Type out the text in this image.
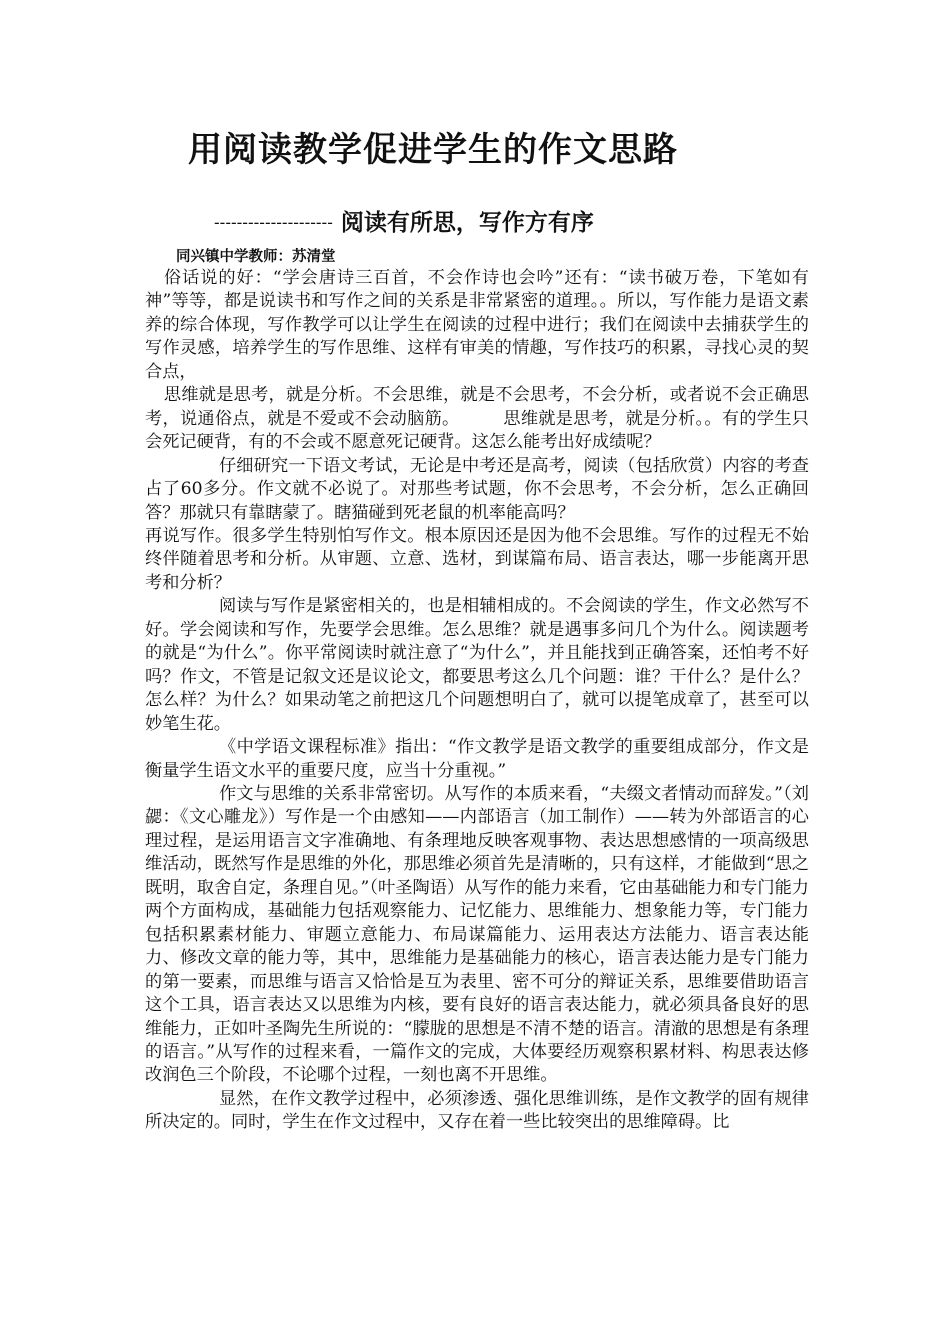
用阅读教学促进学生的作文思路
--------------------- 阅读有所思，写作方有序
同兴镇中学教师：苏清堂

俗话说的好：“学会唐诗三百首，不会作诗也会吟”还有：“读书破万卷，下笔如有神”等等，都是说读书和写作之间的关系是非常紧密的道理。。所以，写作能力是语文素养的综合体现，写作教学可以让学生在阅读的过程中进行；我们在阅读中去捕获学生的写作灵感，培养学生的写作思维、这样有审美的情趣，写作技巧的积累，寻找心灵的契合点，

思维就是思考，就是分析。不会思维，就是不会思考，不会分析，或者说不会正确思考，说通俗点，就是不爱或不会动脑筋。　　　思维就是思考，就是分析。。有的学生只会死记硬背，有的不会或不愿意死记硬背。这怎么能考出好成绩呢？

仔细研究一下语文考试，无论是中考还是高考，阅读（包括欣赏）内容的考查占了60多分。作文就不必说了。对那些考试题，你不会思考，不会分析，怎么正确回答？那就只有靠瞎蒙了。瞎猫碰到死老鼠的机率能高吗？

再说写作。很多学生特别怕写作文。根本原因还是因为他不会思维。写作的过程无不始终伴随着思考和分析。从审题、立意、选材，到谋篇布局、语言表达，哪一步能离开思考和分析？

阅读与写作是紧密相关的，也是相辅相成的。不会阅读的学生，作文必然写不好。学会阅读和写作，先要学会思维。怎么思维？就是遇事多问几个为什么。阅读题考的就是“为什么”。你平常阅读时就注意了“为什么”，并且能找到正确答案，还怕考不好吗？作文，不管是记叙文还是议论文，都要思考这么几个问题：谁？干什么？是什么？怎么样？为什么？如果动笔之前把这几个问题想明白了，就可以提笔成章了，甚至可以妙笔生花。

《中学语文课程标准》指出：“作文教学是语文教学的重要组成部分，作文是衡量学生语文水平的重要尺度，应当十分重视。”

作文与思维的关系非常密切。从写作的本质来看，“夫缀文者情动而辞发。”（刘勰：《文心雕龙》）写作是一个由感知——内部语言（加工制作）——转为外部语言的心理过程，是运用语言文字准确地、有条理地反映客观事物、表达思想感情的一项高级思维活动，既然写作是思维的外化，那思维必须首先是清晰的，只有这样，才能做到“思之既明，取舍自定，条理自见。”（叶圣陶语）从写作的能力来看，它由基础能力和专门能力两个方面构成，基础能力包括观察能力、记忆能力、思维能力、想象能力等，专门能力包括积累素材能力、审题立意能力、布局谋篇能力、运用表达方法能力、语言表达能力、修改文章的能力等，其中，思维能力是基础能力的核心，语言表达能力是专门能力的第一要素，而思维与语言又恰恰是互为表里、密不可分的辩证关系，思维要借助语言这个工具，语言表达又以思维为内核，要有良好的语言表达能力，就必须具备良好的思维能力，正如叶圣陶先生所说的：“朦胧的思想是不清不楚的语言。清澈的思想是有条理的语言。”从写作的过程来看，一篇作文的完成，大体要经历观察积累材料、构思表达修改润色三个阶段，不论哪个过程，一刻也离不开思维。

显然，在作文教学过程中，必须渗透、强化思维训练，是作文教学的固有规律所决定的。同时，学生在作文过程中，又存在着一些比较突出的思维障碍。比
